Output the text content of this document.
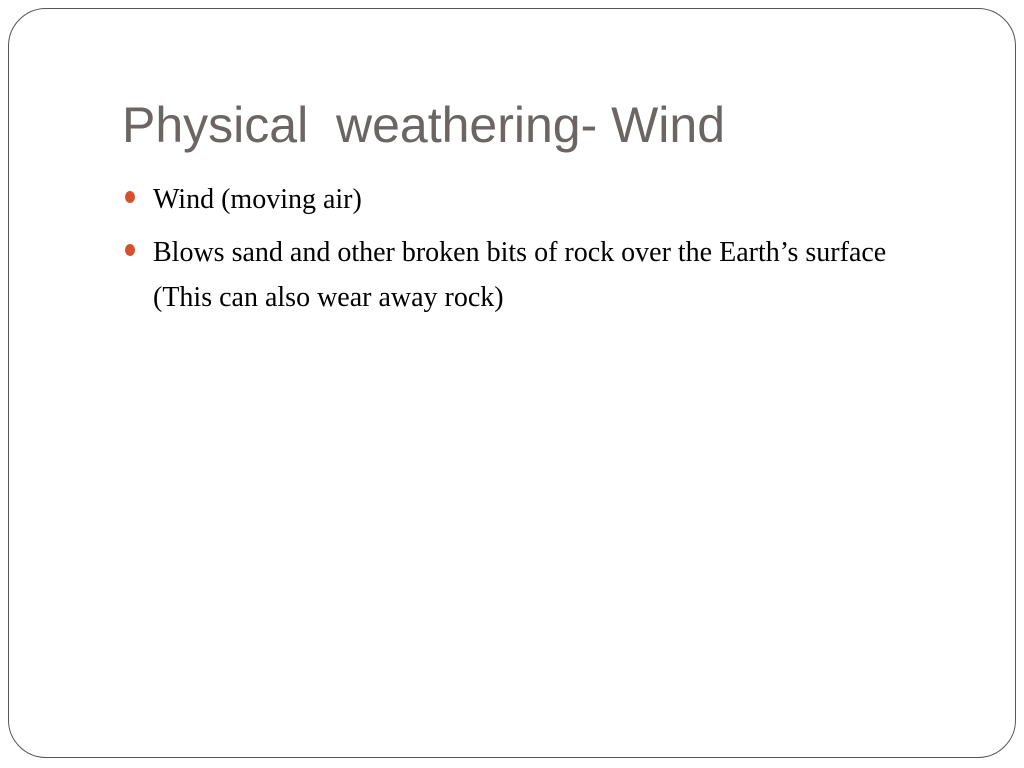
Physical  weathering- Wind
Wind (moving air)
Blows sand and other broken bits of rock over the Earth’s surface (This can also wear away rock)
